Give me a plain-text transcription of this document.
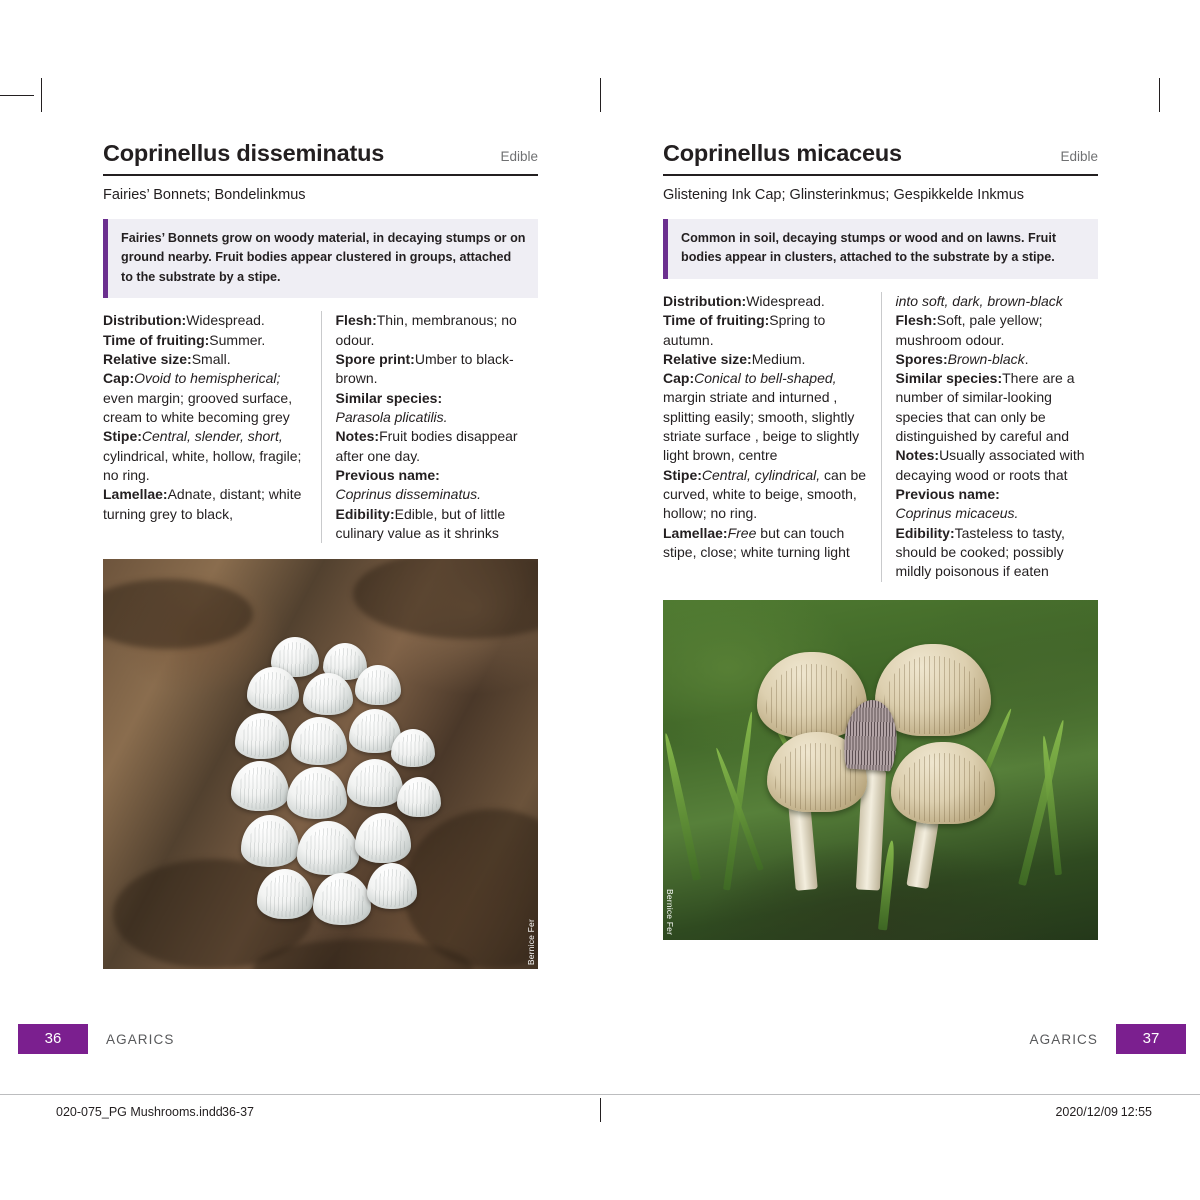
Coprinellus disseminatus	Edible
Fairies’ Bonnets; Bondelinkmus
Fairies’ Bonnets grow on woody material, in decaying stumps or on ground nearby. Fruit bodies appear clustered in groups, attached to the substrate by a stipe.
Distribution:Widespread.
Time of fruiting:Summer.
Relative size:Small.
Cap:Ovoid to hemispherical; even margin; grooved surface, cream to white becoming grey
Stipe:Central, slender, short, cylindrical, white, hollow, fragile; no ring.
Lamellae:Adnate, distant; white turning grey to black,
Flesh:Thin, membranous; no odour.
Spore print:Umber to black-brown.
Similar species:
Parasola plicatilis.
Notes:Fruit bodies disappear after one day.
Previous name:
Coprinus disseminatus.
Edibility:Edible, but of little culinary value as it shrinks
Bernice Fer
Coprinellus micaceus	Edible
Glistening Ink Cap; Glinsterinkmus; Gespikkelde Inkmus
Common in soil, decaying stumps or wood and on lawns. Fruit bodies appear in clusters, attached to the substrate by a stipe.
Distribution:Widespread.
Time of fruiting:Spring to autumn.
Relative size:Medium.
Cap:Conical to bell-shaped, margin striate and inturned , splitting easily; smooth, slightly striate surface , beige to slightly light brown, centre
Stipe:Central, cylindrical, can be curved, white to beige, smooth, hollow; no ring.
Lamellae:Free but can touch stipe, close; white turning light
into soft, dark, brown-black
Flesh:Soft, pale yellow; mushroom odour.
Spores:Brown-black.
Similar species:There are a number of similar-looking species that can only be distinguished by careful and
Notes:Usually associated with decaying wood or roots that
Previous name:
Coprinus micaceus.
Edibility:Tasteless to tasty, should be cooked; possibly mildly poisonous if eaten
Bernice Fer
36	AGARICS	AGARICS	37
020-075_PG Mushrooms.indd 36-37	2020/12/09 12:55
